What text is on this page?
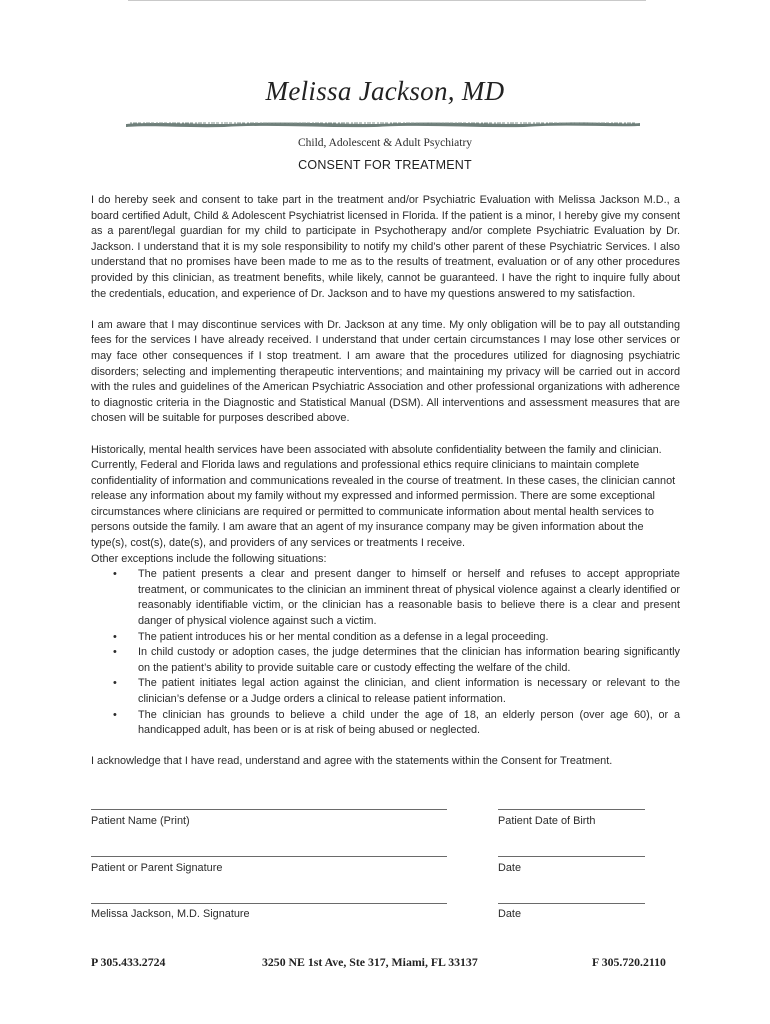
Melissa Jackson, MD
Child, Adolescent & Adult Psychiatry
CONSENT FOR TREATMENT

I do hereby seek and consent to take part in the treatment and/or Psychiatric Evaluation with Melissa Jackson M.D., a board certified Adult, Child & Adolescent Psychiatrist licensed in Florida. If the patient is a minor, I hereby give my consent as a parent/legal guardian for my child to participate in Psychotherapy and/or complete Psychiatric Evaluation by Dr. Jackson. I understand that it is my sole responsibility to notify my child’s other parent of these Psychiatric Services. I also understand that no promises have been made to me as to the results of treatment, evaluation or of any other procedures provided by this clinician, as treatment benefits, while likely, cannot be guaranteed. I have the right to inquire fully about the credentials, education, and experience of Dr. Jackson and to have my questions answered to my satisfaction.

I am aware that I may discontinue services with Dr. Jackson at any time. My only obligation will be to pay all outstanding fees for the services I have already received. I understand that under certain circumstances I may lose other services or may face other consequences if I stop treatment. I am aware that the procedures utilized for diagnosing psychiatric disorders; selecting and implementing therapeutic interventions; and maintaining my privacy will be carried out in accord with the rules and guidelines of the American Psychiatric Association and other professional organizations with adherence to diagnostic criteria in the Diagnostic and Statistical Manual (DSM). All interventions and assessment measures that are chosen will be suitable for purposes described above.

Historically, mental health services have been associated with absolute confidentiality between the family and clinician. Currently, Federal and Florida laws and regulations and professional ethics require clinicians to maintain complete confidentiality of information and communications revealed in the course of treatment. In these cases, the clinician cannot release any information about my family without my expressed and informed permission. There are some exceptional circumstances where clinicians are required or permitted to communicate information about mental health services to persons outside the family. I am aware that an agent of my insurance company may be given information about the type(s), cost(s), date(s), and providers of any services or treatments I receive.

Other exceptions include the following situations:

• The patient presents a clear and present danger to himself or herself and refuses to accept appropriate treatment, or communicates to the clinician an imminent threat of physical violence against a clearly identified or reasonably identifiable victim, or the clinician has a reasonable basis to believe there is a clear and present danger of physical violence against such a victim.
• The patient introduces his or her mental condition as a defense in a legal proceeding.
• In child custody or adoption cases, the judge determines that the clinician has information bearing significantly on the patient’s ability to provide suitable care or custody effecting the welfare of the child.
• The patient initiates legal action against the clinician, and client information is necessary or relevant to the clinician’s defense or a Judge orders a clinical to release patient information.
• The clinician has grounds to believe a child under the age of 18, an elderly person (over age 60), or a handicapped adult, has been or is at risk of being abused or neglected.

I acknowledge that I have read, understand and agree with the statements within the Consent for Treatment.

Patient Name (Print)	Patient Date of Birth
Patient or Parent Signature	Date
Melissa Jackson, M.D. Signature	Date
P 305.433.2724	3250 NE 1st Ave, Ste 317, Miami, FL 33137	F 305.720.2110
